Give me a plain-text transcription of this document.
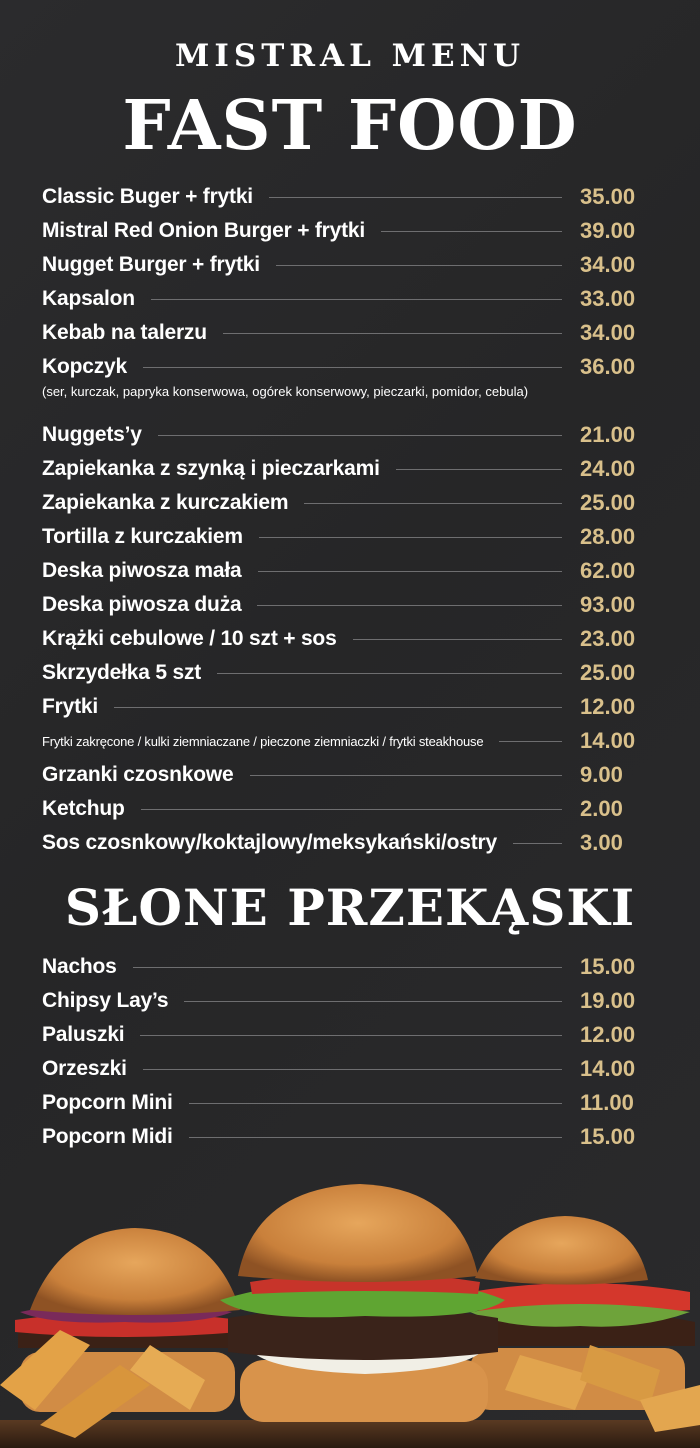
MISTRAL MENU
FAST FOOD
Classic Buger + frytki	35.00
Mistral Red Onion Burger + frytki	39.00
Nugget Burger + frytki	34.00
Kapsalon	33.00
Kebab na talerzu	34.00
Kopczyk	36.00
(ser, kurczak, papryka konserwowa, ogórek konserwowy, pieczarki, pomidor, cebula)
Nuggets’y	21.00
Zapiekanka z szynką i pieczarkami	24.00
Zapiekanka z kurczakiem	25.00
Tortilla z kurczakiem	28.00
Deska piwosza mała	62.00
Deska piwosza duża	93.00
Krążki cebulowe / 10 szt + sos	23.00
Skrzydełka 5 szt	25.00
Frytki	12.00
Frytki zakręcone / kulki ziemniaczane / pieczone ziemniaczki / frytki steakhouse	14.00
Grzanki czosnkowe	9.00
Ketchup	2.00
Sos czosnkowy/koktajlowy/meksykański/ostry	3.00
SŁONE PRZEKĄSKI
Nachos	15.00
Chipsy Lay’s	19.00
Paluszki	12.00
Orzeszki	14.00
Popcorn Mini	11.00
Popcorn Midi	15.00
